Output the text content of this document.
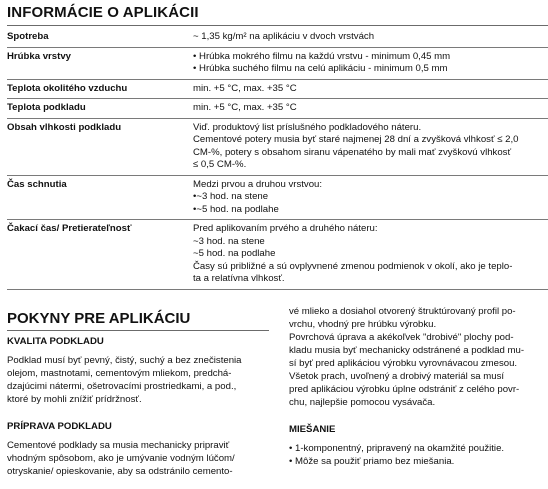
INFORMÁCIE O APLIKÁCII
Spotreba	~ 1,35 kg/m² na aplikáciu v dvoch vrstvách

Hrúbka vrstvy	• Hrúbka mokrého filmu na každú vrstvu - minimum 0,45 mm
• Hrúbka suchého filmu na celú aplikáciu - minimum 0,5 mm

Teplota okolitého vzduchu	min. +5 °C, max. +35 °C

Teplota podkladu	min. +5 °C, max. +35 °C

Obsah vlhkosti podkladu	Viď. produktový list príslušného podkladového náteru.
Cementové potery musia byť staré najmenej 28 dní a zvyšková vlhkosť ≤ 2,0
CM-%, potery s obsahom siranu vápenatého by mali mať zvyškovú vlhkosť
≤ 0,5 CM-%.

Čas schnutia	Medzi prvou a druhou vrstvou:
•~3 hod. na stene
•~5 hod. na podlahe

Čakací čas/ Pretierateľnosť	Pred aplikovaním prvého a druhého náteru:
~3 hod. na stene
~5 hod. na podlahe
Časy sú približné a sú ovplyvnené zmenou podmienok v okolí, ako je teplo-
ta a relatívna vlhkosť.
POKYNY PRE APLIKÁCIU
KVALITA PODKLADU
Podklad musí byť pevný, čistý, suchý a bez znečistenia
olejom, mastnotami, cementovým mliekom, predchá-
dzajúcimi nátermi, ošetrovacími prostriedkami, a pod.,
ktoré by mohli znížiť prídržnosť.
PRÍPRAVA PODKLADU
Cementové podklady sa musia mechanicky pripraviť
vhodným spôsobom, ako je umývanie vodným lúčom/
otryskanie/ opieskovanie, aby sa odstránilo cemento-
vé mlieko a dosiahol otvorený štruktúrovaný profil po-
vrchu, vhodný pre hrúbku výrobku.
Povrchová úprava a akékoľvek "drobivé" plochy pod-
kladu musia byť mechanicky odstránené a podklad mu-
sí byť pred aplikáciou výrobku vyrovnávacou zmesou.
Všetok prach, uvoľnený a drobivý materiál sa musí
pred aplikáciou výrobku úplne odstrániť z celého povr-
chu, najlepšie pomocou vysávača.
MIEŠANIE
• 1-komponentný, pripravený na okamžité použitie.
• Môže sa použiť priamo bez miešania.
